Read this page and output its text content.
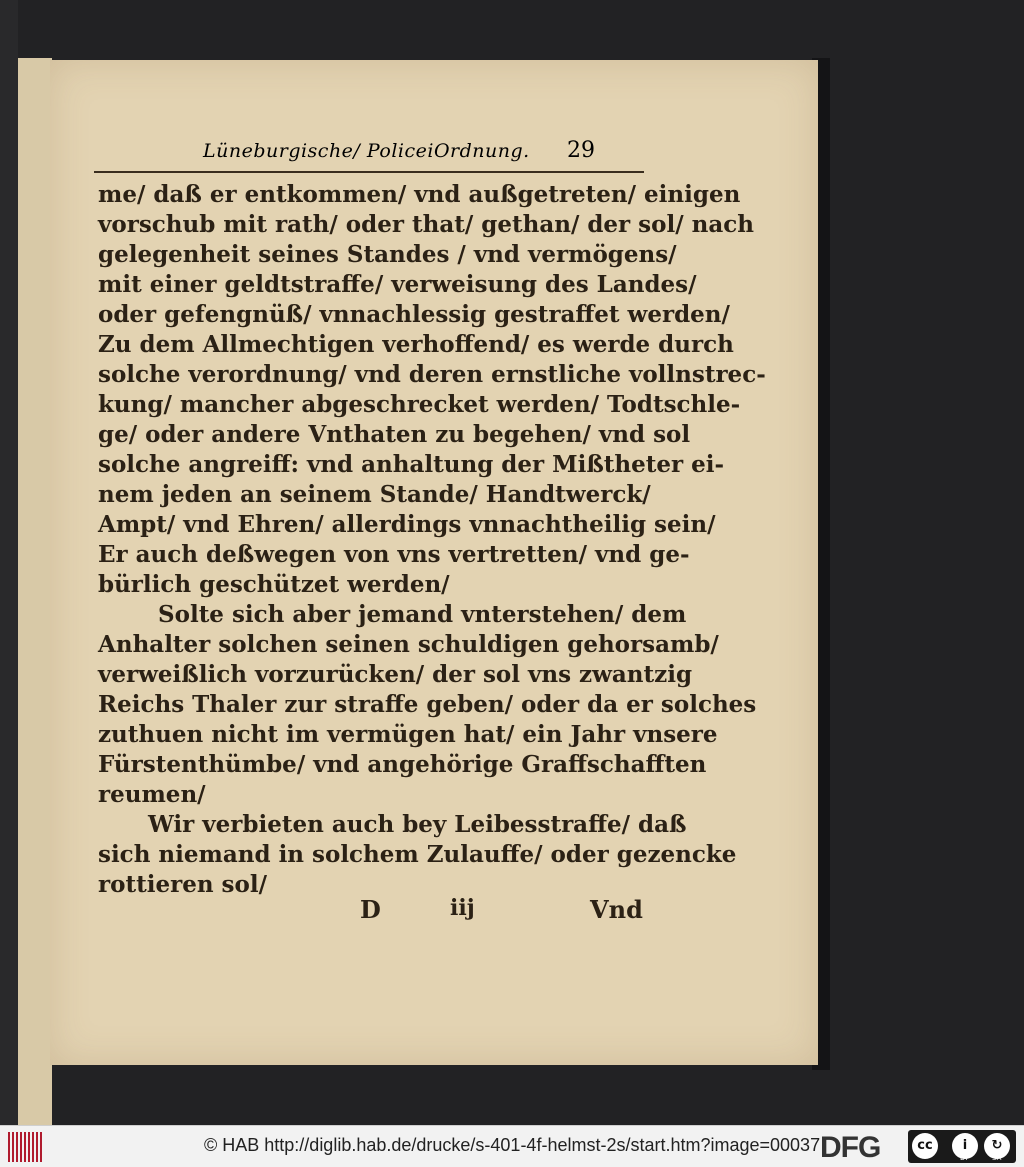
Lüneburgische/ PoliceiOrdnung. 29
me/ daß er entkommen/ vnd außgetreten/ einigen
vorschub mit rath/ oder that/ gethan/ der sol/ nach
gelegenheit seines Standes / vnd vermögens/
mit einer geldtstraffe/ verweisung des Landes/
oder gefengnüß/ vnnachlessig gestraffet werden/
Zu dem Allmechtigen verhoffend/ es werde durch
solche verordnung/ vnd deren ernstliche vollnstrec-
kung/ mancher abgeschrecket werden/ Todtschle-
ge/ oder andere Vnthaten zu begehen/ vnd sol
solche angreiff: vnd anhaltung der Mißtheter ei-
nem jeden an seinem Stande/ Handtwerck/
Ampt/ vnd Ehren/ allerdings vnnachtheilig sein/
Er auch deßwegen von vns vertretten/ vnd ge-
bürlich geschützet werden/
Solte sich aber jemand vnterstehen/ dem
Anhalter solchen seinen schuldigen gehorsamb/
verweißlich vorzurücken/ der sol vns zwantzig
Reichs Thaler zur straffe geben/ oder da er solches
zuthuen nicht im vermügen hat/ ein Jahr vnsere
Fürstenthümbe/ vnd angehörige Graffschafften
reumen/
Wir verbieten auch bey Leibesstraffe/ daß
sich niemand in solchem Zulauffe/ oder gezencke
rottieren sol/
D	iij	Vnd
© HAB http://diglib.hab.de/drucke/s-401-4f-helmst-2s/start.htm?image=00037 DFG	cc	i	↻
BY	SA
